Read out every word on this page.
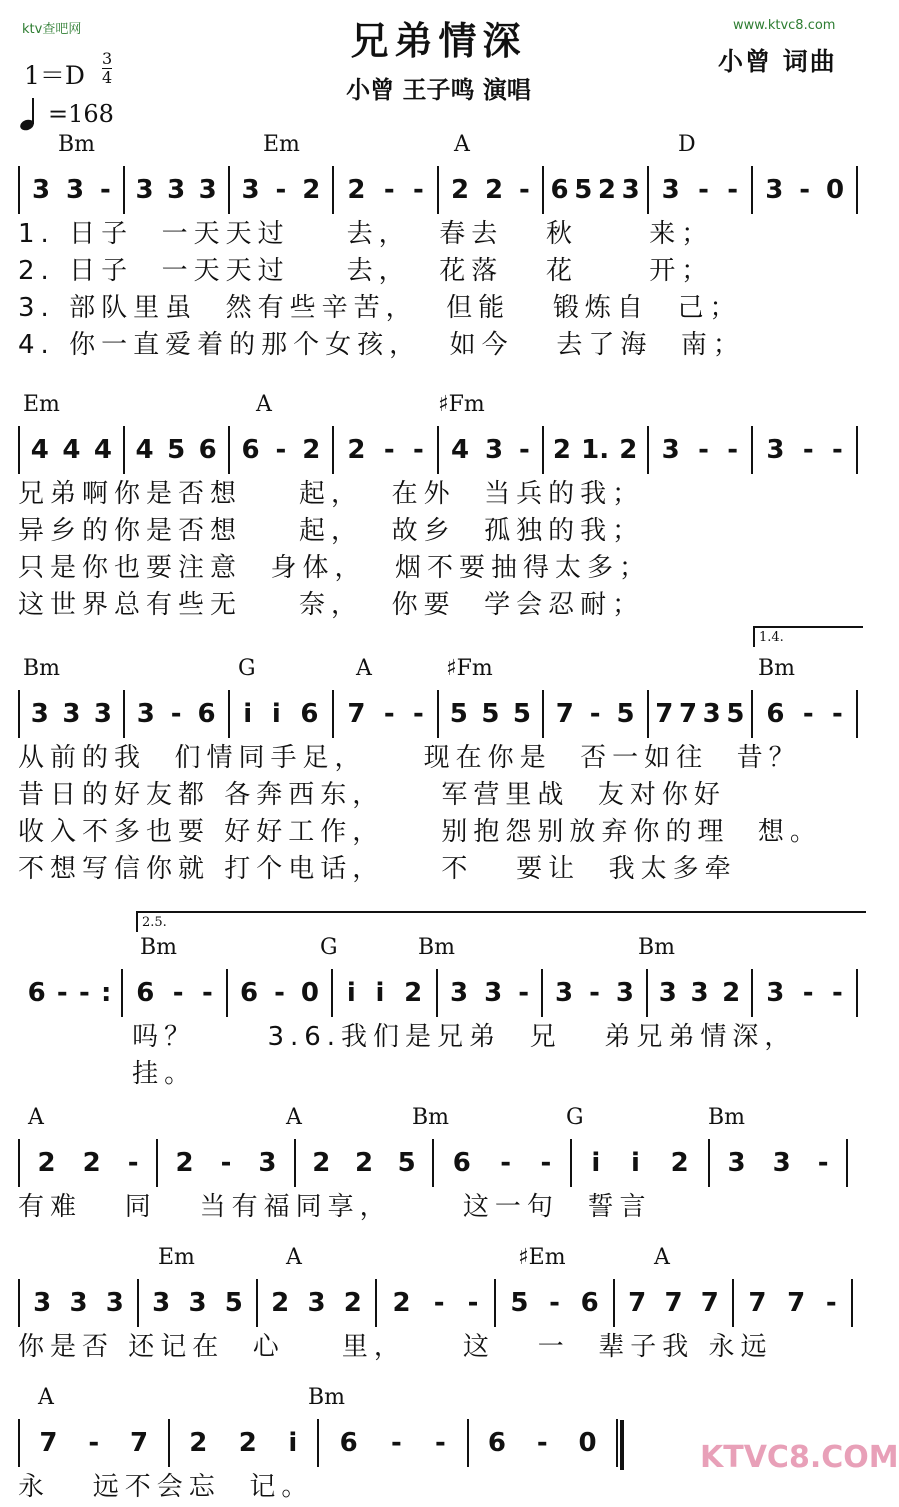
ktv查吧网	www.ktvc8.com
兄弟情深
小曾 王子鸣 演唱
小曾 词曲
1＝D
3
4
=168
Bm	Em	A	D
3 3 - 3 3 3 3 - 2 2 - - 2 2 - 6 5 2 3 3 - - 3 - 0
1. 日子  一天天过    去，  春去   秋     来；
2. 日子  一天天过    去，  花落   花     开；
3. 部队里虽  然有些辛苦，  但能   锻炼自  己；
4. 你一直爱着的那个女孩，  如今   去了海  南；
Em	A	♯Fm
4 4 4 4 5 6 6 - 2 2 - - 4 3 - 2 1. 2 3 - - 3 - -
兄弟啊你是否想    起，  在外  当兵的我；
异乡的你是否想    起，  故乡  孤独的我；
只是你也要注意  身体，  烟不要抽得太多；
这世界总有些无    奈，  你要  学会忍耐；
Bm	G	A	♯Fm	Bm
1.4.
3 3 3 3 - 6 i i 6 7 - - 5 5 5 7 - 5 7 7 3 5 6 - -
从前的我  们情同手足，    现在你是  否一如往  昔？
昔日的好友都 各奔西东，    军营里战  友对你好
收入不多也要 好好工作，    别抱怨别放弃你的理  想。
不想写信你就 打个电话，    不   要让  我太多牵
Bm	G	Bm	Bm
2.5.
6 - - : 6 - - 6 - 0 i i 2 3 3 - 3 - 3 3 3 2 3 - -
吗？     3.6.我们是兄弟  兄   弟兄弟情深，
挂。
A	A	Bm	G	Bm
2 2 - 2 - 3 2 2 5 6 - - i i 2 3 3 -
有难   同   当有福同享，     这一句  誓言
Em	A	♯Em	A
3 3 3 3 3 5 2 3 2 2 - - 5 - 6 7 7 7 7 7 -
你是否 还记在  心    里，    这   一  辈子我 永远
A	Bm
7 - 7 2 2 i 6 - - 6 - 0
永   远不会忘  记。
KTVC8.COM
